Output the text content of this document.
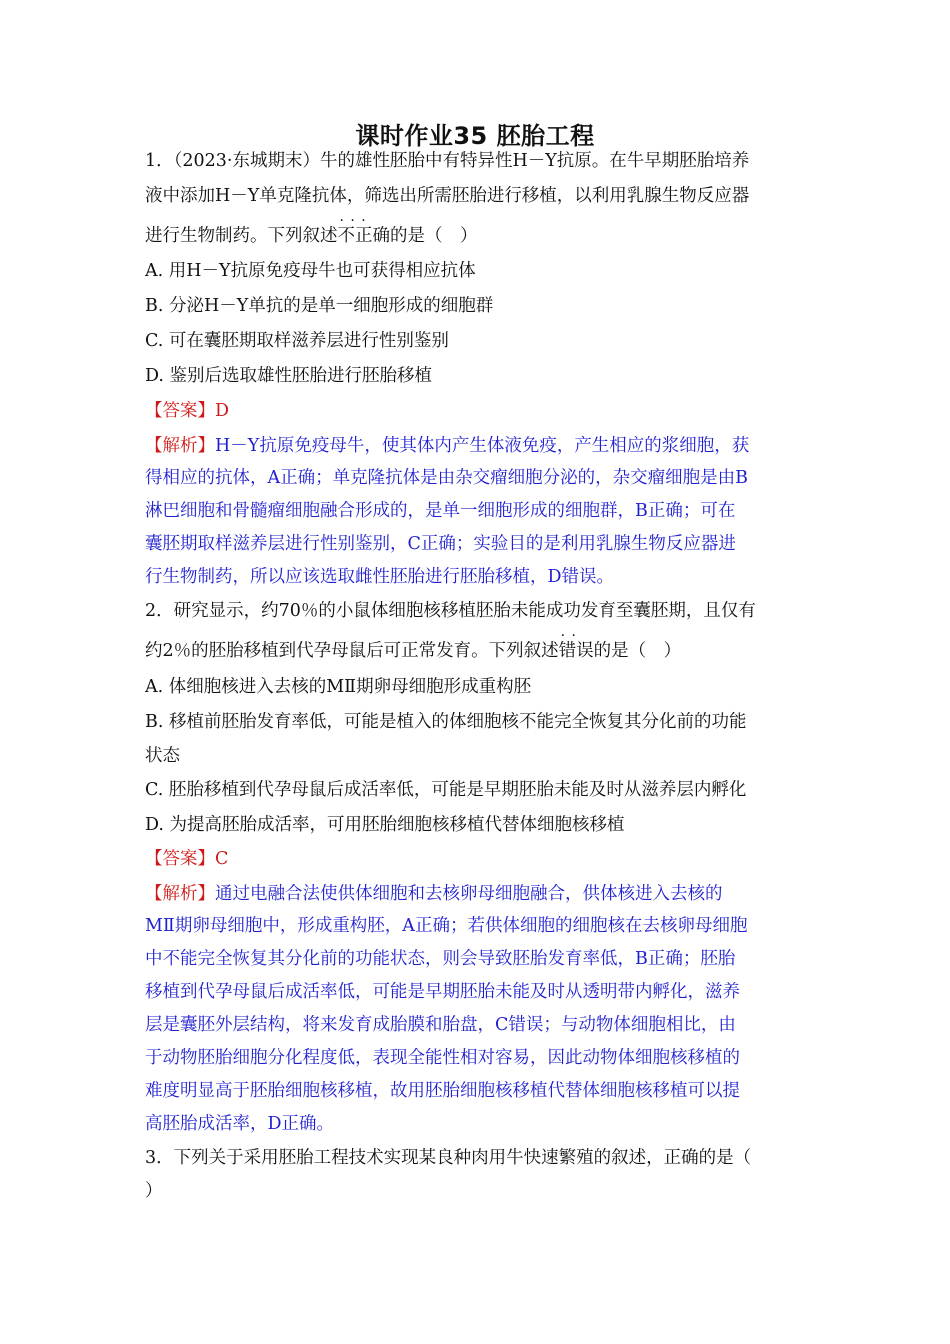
课时作业35 胚胎工程
1．（2023·东城期末）牛的雄性胚胎中有特异性H－Y抗原。在牛早期胚胎培养
液中添加H－Y单克隆抗体，筛选出所需胚胎进行移植，以利用乳腺生物反应器
进行生物制药。下列叙述· · · 不正确的是（　）
A. 用H－Y抗原免疫母牛也可获得相应抗体
B. 分泌H－Y单抗的是单一细胞形成的细胞群
C. 可在囊胚期取样滋养层进行性别鉴别
D. 鉴别后选取雄性胚胎进行胚胎移植
【答案】D
【解析】H－Y抗原免疫母牛，使其体内产生体液免疫，产生相应的浆细胞，获
得相应的抗体，A正确；单克隆抗体是由杂交瘤细胞分泌的，杂交瘤细胞是由B
淋巴细胞和骨髓瘤细胞融合形成的，是单一细胞形成的细胞群，B正确；可在
囊胚期取样滋养层进行性别鉴别，C正确；实验目的是利用乳腺生物反应器进
行生物制药，所以应该选取雌性胚胎进行胚胎移植，D错误。
2．研究显示，约70％的小鼠体细胞核移植胚胎未能成功发育至囊胚期，且仅有
约2％的胚胎移植到代孕母鼠后可正常发育。下列叙述· · 错误的是（　）
A. 体细胞核进入去核的MⅡ期卵母细胞形成重构胚
B. 移植前胚胎发育率低，可能是植入的体细胞核不能完全恢复其分化前的功能
状态
C. 胚胎移植到代孕母鼠后成活率低，可能是早期胚胎未能及时从滋养层内孵化
D. 为提高胚胎成活率，可用胚胎细胞核移植代替体细胞核移植
【答案】C
【解析】通过电融合法使供体细胞和去核卵母细胞融合，供体核进入去核的
MⅡ期卵母细胞中，形成重构胚，A正确；若供体细胞的细胞核在去核卵母细胞
中不能完全恢复其分化前的功能状态，则会导致胚胎发育率低，B正确；胚胎
移植到代孕母鼠后成活率低，可能是早期胚胎未能及时从透明带内孵化，滋养
层是囊胚外层结构，将来发育成胎膜和胎盘，C错误；与动物体细胞相比，由
于动物胚胎细胞分化程度低，表现全能性相对容易，因此动物体细胞核移植的
难度明显高于胚胎细胞核移植，故用胚胎细胞核移植代替体细胞核移植可以提
高胚胎成活率，D正确。
3．下列关于采用胚胎工程技术实现某良种肉用牛快速繁殖的叙述，正确的是（
）
